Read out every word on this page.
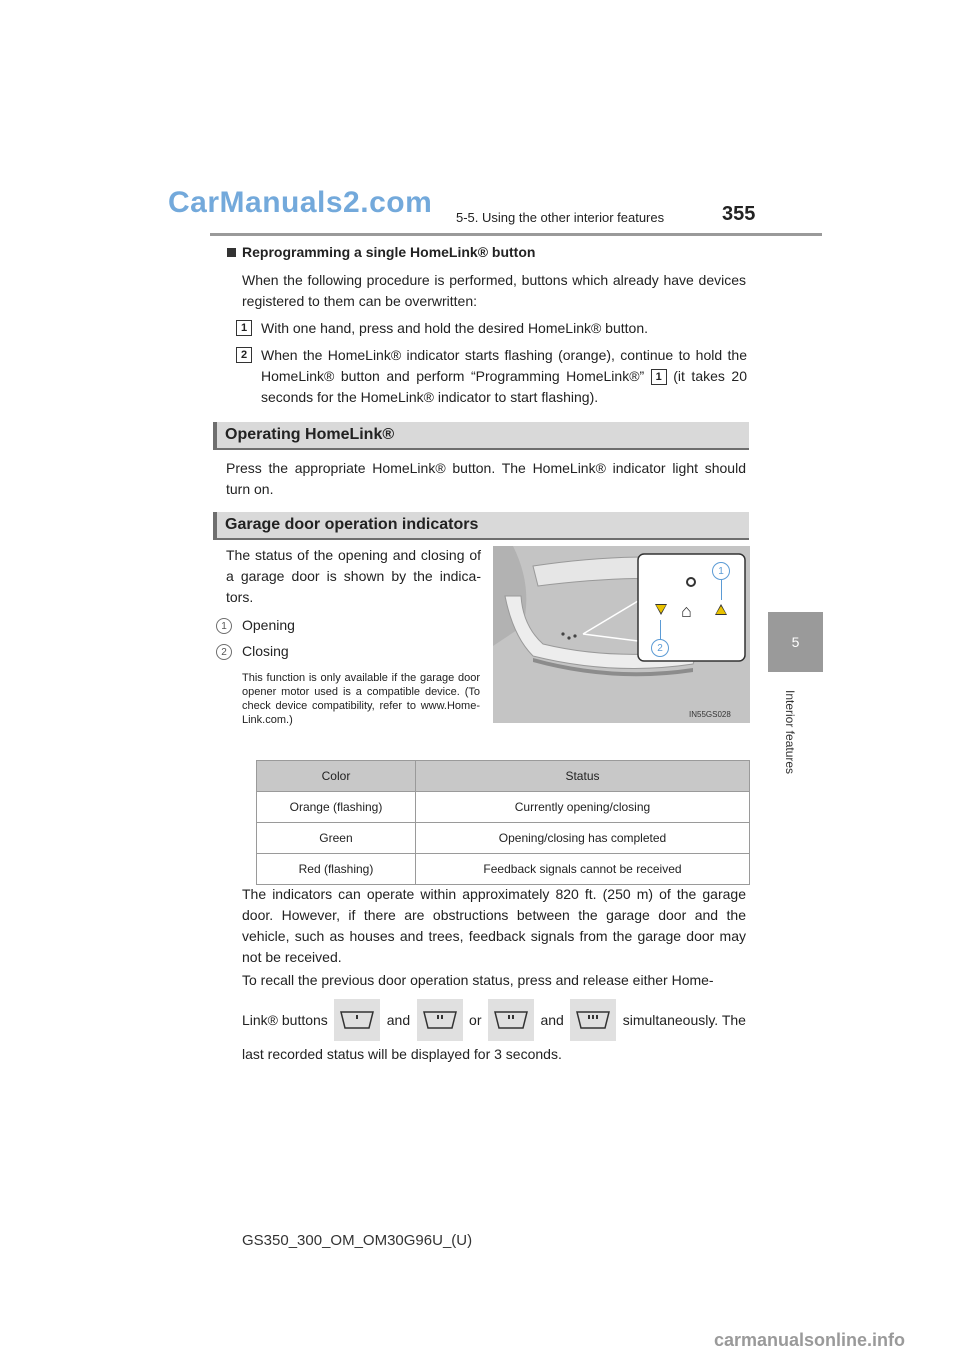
CarManuals2.com 5-5. Using the other interior features	355
5
Interior features
Reprogramming a single HomeLink® button
When the following procedure is performed, buttons which already have devices registered to them can be overwritten:
1 With one hand, press and hold the desired HomeLink® button.
2 When the HomeLink® indicator starts flashing (orange), continue to hold the HomeLink® button and perform “Programming HomeLink®” 1 (it takes 20 seconds for the HomeLink® indicator to start flashing).
Operating HomeLink®
Press the appropriate HomeLink® button. The HomeLink® indicator light should turn on.
Garage door operation indicators
The status of the opening and closing of a garage door is shown by the indica-tors.
1	Opening
2	Closing
This function is only available if the garage door opener motor used is a compatible device. (To check device compatibility, refer to www.Home-Link.com.)
⌂
1
2
IN55GS028
Color	Status
Orange (flashing)	Currently opening/closing
Green	Opening/closing has completed
Red (flashing)	Feedback signals cannot be received
The indicators can operate within approximately 820 ft. (250 m) of the garage door. However, if there are obstructions between the garage door and the vehicle, such as houses and trees, feedback signals from the garage door may not be received.
To recall the previous door operation status, press and release either Home-
Link® buttons	and	or	and	simultaneously. The
last recorded status will be displayed for 3 seconds.
GS350_300_OM_OM30G96U_(U)
carmanualsonline.info
